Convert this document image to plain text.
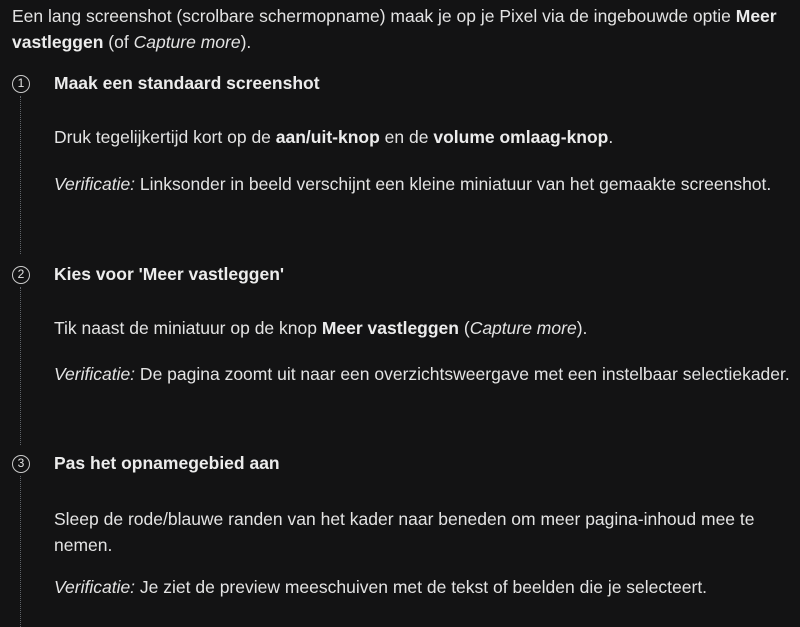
Een lang screenshot (scrolbare schermopname) maak je op je Pixel via de ingebouwde optie Meer vastleggen (of Capture more).

1	Maak een standaard screenshot

Druk tegelijkertijd kort op de aan/uit-knop en de volume omlaag-knop.

Verificatie: Linksonder in beeld verschijnt een kleine miniatuur van het gemaakte screenshot.

2	Kies voor 'Meer vastleggen'

Tik naast de miniatuur op de knop Meer vastleggen (Capture more).

Verificatie: De pagina zoomt uit naar een overzichtsweergave met een instelbaar selectiekader.

3	Pas het opnamegebied aan

Sleep de rode/blauwe randen van het kader naar beneden om meer pagina-inhoud mee te nemen.

Verificatie: Je ziet de preview meeschuiven met de tekst of beelden die je selecteert.
